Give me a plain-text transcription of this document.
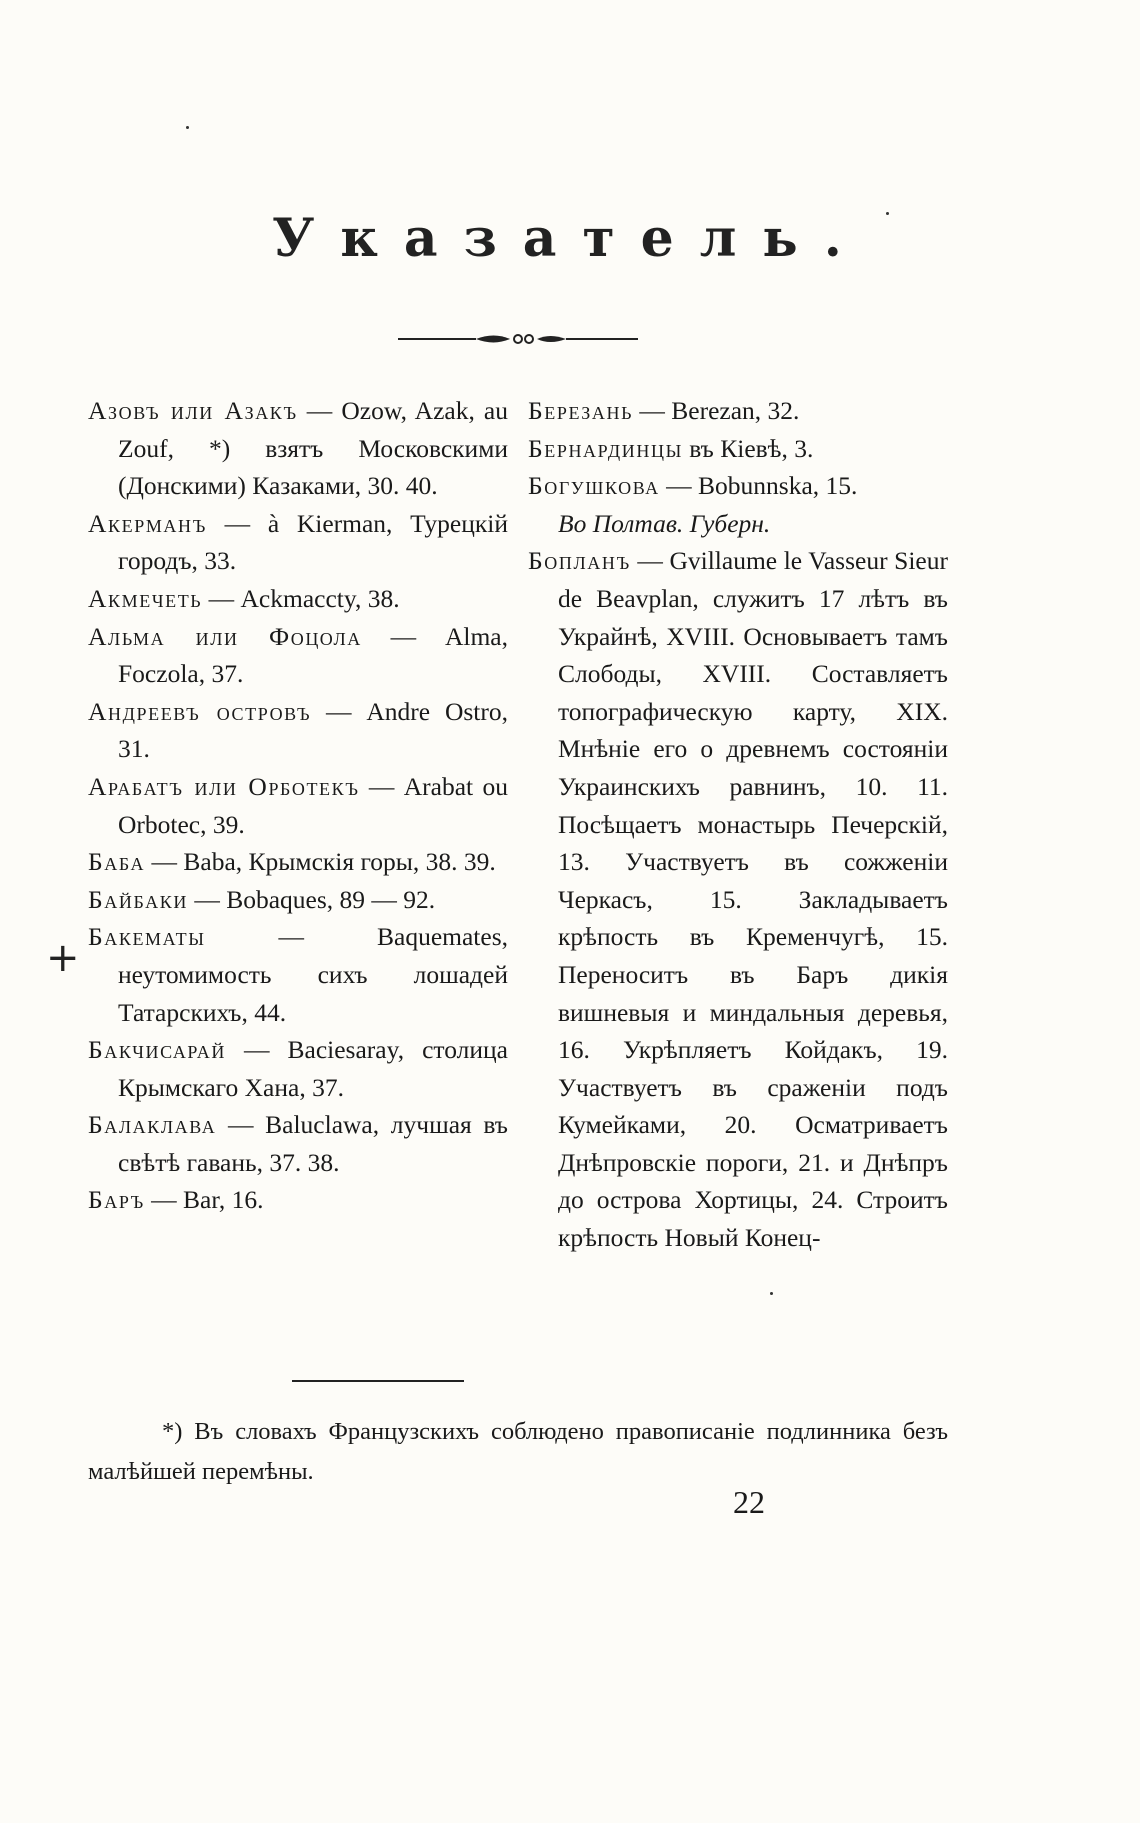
Указатель.
Азовъ или Азакъ — Ozow, Azak, au Zouf, *) взятъ Московскими (Донскими) Казаками, 30. 40.
Акерманъ — à Kierman, Турецкій городъ, 33.
Акмечеть — Ackmaccty, 38.
Альма или Фоцола — Alma, Foczola, 37.
Андреевъ островъ — Andre Ostro, 31.
Арабатъ или Орботекъ — Arabat ou Orbotec, 39.
Баба — Baba, Крымскія горы, 38. 39.
Байбаки — Bobaques, 89 — 92.
Бакематы — Baquemates, неутомимость сихъ лошадей Татарскихъ, 44.
Бакчисарай — Baciesaray, столица Крымскаго Хана, 37.
Балаклава — Baluclawa, лучшая въ свѣтѣ гавань, 37. 38.
Баръ — Bar, 16.
+
Березань — Berezan, 32.
Бернардинцы въ Кіевѣ, 3.
Богушкова — Bobunnska, 15.
Во Полтав. Губерн.
Бопланъ — Gvillaume le Vasseur Sieur de Beavplan, служитъ 17 лѣтъ въ Украйнѣ, XVIII. Основываетъ тамъ Слободы, XVIII. Составляетъ топографическую карту, XIX. Мнѣніе его о древнемъ состояніи Украинскихъ равнинъ, 10. 11. Посѣщаетъ монастырь Печерскій, 13. Участвуетъ въ сожженіи Черкасъ, 15. Закладываетъ крѣпость въ Кременчугѣ, 15. Переноситъ въ Баръ дикія вишневыя и миндальныя деревья, 16. Укрѣпляетъ Койдакъ, 19. Участвуетъ въ сраженіи подъ Кумейками, 20. Осматриваетъ Днѣпровскіе пороги, 21. и Днѣпръ до острова Хортицы, 24. Строитъ крѣпость Новый Конец-
*) Въ словахъ Французскихъ соблюдено правописаніе подлинника безъ малѣйшей перемѣны.
22
